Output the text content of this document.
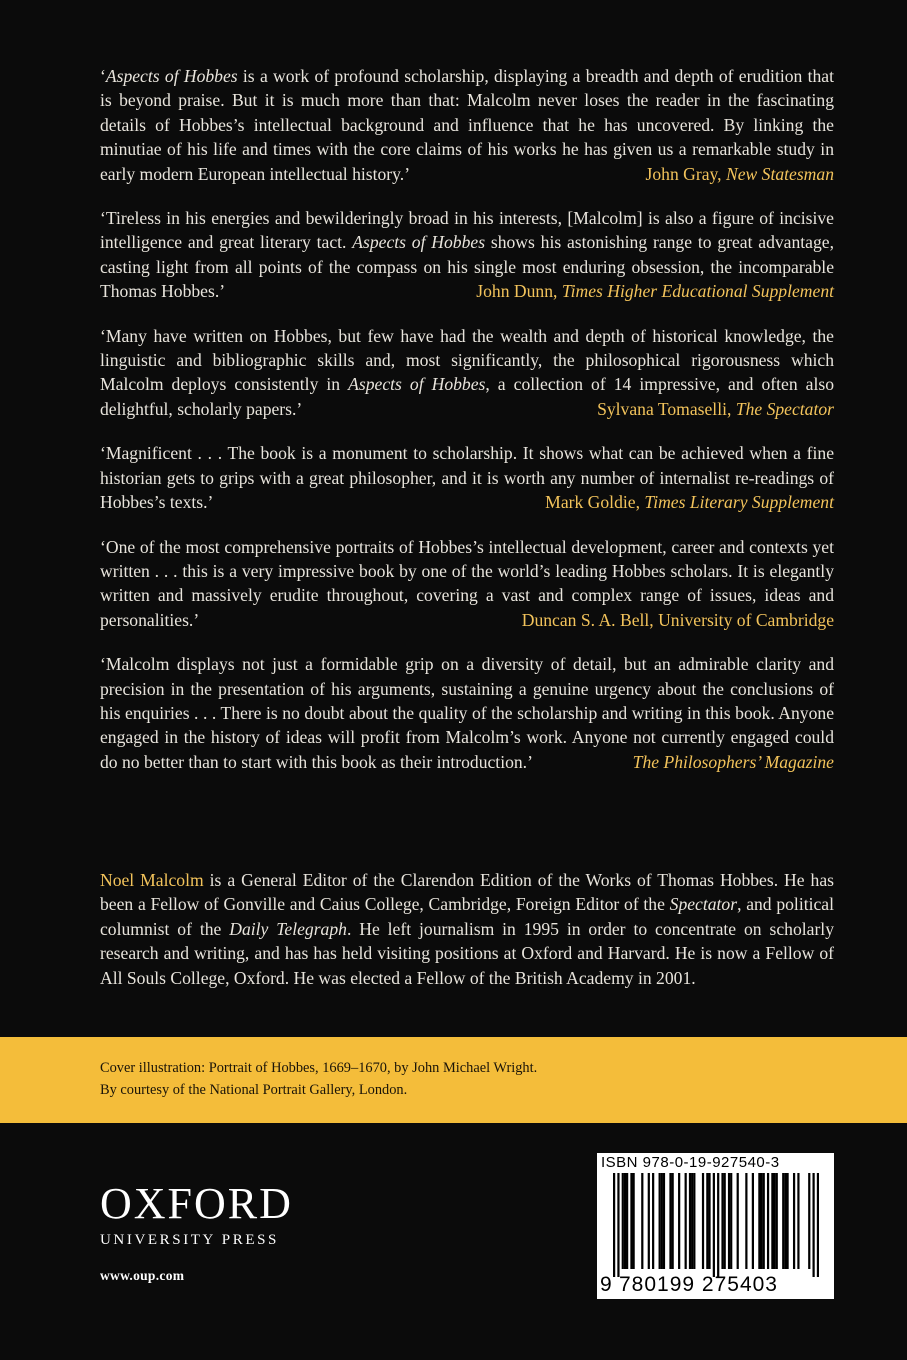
‘Aspects of Hobbes is a work of profound scholarship, displaying a breadth and depth of erudition that is beyond praise. But it is much more than that: Malcolm never loses the reader in the fascinating details of Hobbes’s intellectual background and influence that he has uncovered. By linking the minutiae of his life and times with the core claims of his works he has given us a remarkable study in early modern European intellectual history.’	John Gray, New Statesman
‘Tireless in his energies and bewilderingly broad in his interests, [Malcolm] is also a figure of incisive intelligence and great literary tact. Aspects of Hobbes shows his astonishing range to great advantage, casting light from all points of the compass on his single most enduring obsession, the incomparable Thomas Hobbes.’	John Dunn, Times Higher Educational Supplement
‘Many have written on Hobbes, but few have had the wealth and depth of historical knowledge, the linguistic and bibliographic skills and, most significantly, the philosophical rigorousness which Malcolm deploys consistently in Aspects of Hobbes, a collection of 14 impressive, and often also delightful, scholarly papers.’	Sylvana Tomaselli, The Spectator
‘Magnificent . . . The book is a monument to scholarship. It shows what can be achieved when a fine historian gets to grips with a great philosopher, and it is worth any number of internalist re-readings of Hobbes’s texts.’	Mark Goldie, Times Literary Supplement
‘One of the most comprehensive portraits of Hobbes’s intellectual development, career and contexts yet written . . . this is a very impressive book by one of the world’s leading Hobbes scholars. It is elegantly written and massively erudite throughout, covering a vast and complex range of issues, ideas and personalities.’	Duncan S. A. Bell, University of Cambridge
‘Malcolm displays not just a formidable grip on a diversity of detail, but an admirable clarity and precision in the presentation of his arguments, sustaining a genuine urgency about the conclusions of his enquiries . . . There is no doubt about the quality of the scholarship and writing in this book. Anyone engaged in the history of ideas will profit from Malcolm’s work. Anyone not currently engaged could do no better than to start with this book as their introduction.’	The Philosophers’ Magazine
Noel Malcolm is a General Editor of the Clarendon Edition of the Works of Thomas Hobbes. He has been a Fellow of Gonville and Caius College, Cambridge, Foreign Editor of the Spectator, and political columnist of the Daily Telegraph. He left journalism in 1995 in order to concentrate on scholarly research and writing, and has has held visiting positions at Oxford and Harvard. He is now a Fellow of All Souls College, Oxford. He was elected a Fellow of the British Academy in 2001.
Cover illustration: Portrait of Hobbes, 1669–1670, by John Michael Wright.
By courtesy of the National Portrait Gallery, London.
OXFORD
UNIVERSITY PRESS
www.oup.com
ISBN 978-0-19-927540-3
9 780199 275403
